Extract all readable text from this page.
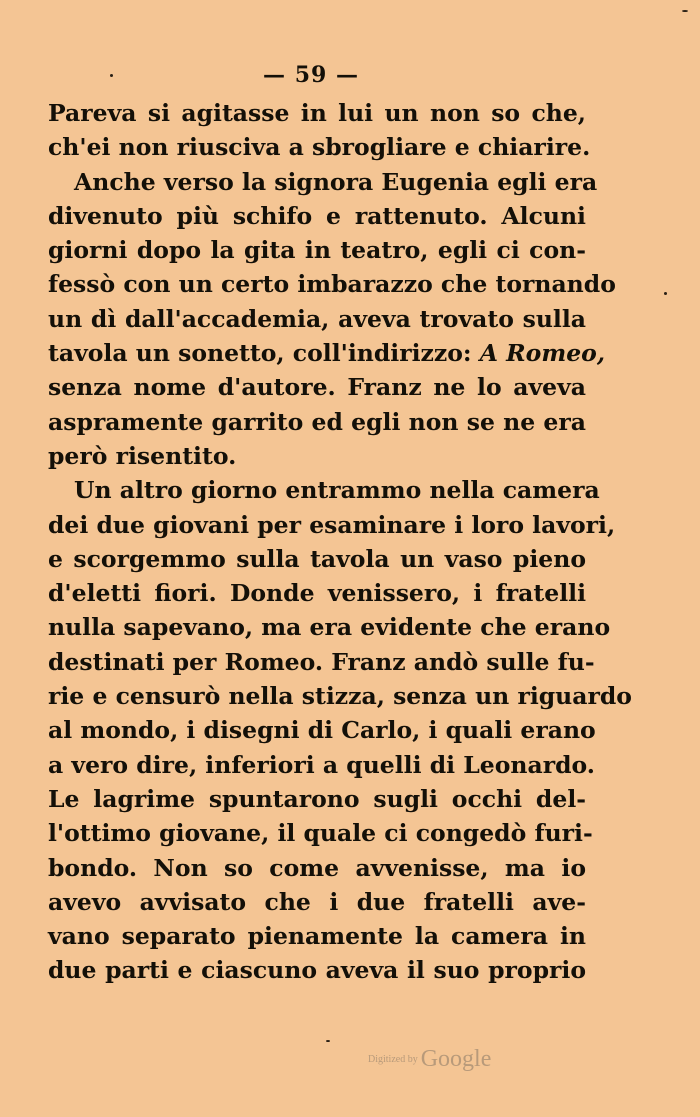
— 59 —
Pareva si agitasse in lui un non so che,
ch'ei non riusciva a sbrogliare e chiarire.
Anche verso la signora Eugenia egli era
divenuto più schifo e rattenuto. Alcuni
giorni dopo la gita in teatro, egli ci con-
fessò con un certo imbarazzo che tornando
un dì dall'accademia, aveva trovato sulla
tavola un sonetto, coll'indirizzo: A Romeo,
senza nome d'autore. Franz ne lo aveva
aspramente garrito ed egli non se ne era
però risentito.
Un altro giorno entrammo nella camera
dei due giovani per esaminare i loro lavori,
e scorgemmo sulla tavola un vaso pieno
d'eletti fiori. Donde venissero, i fratelli
nulla sapevano, ma era evidente che erano
destinati per Romeo. Franz andò sulle fu-
rie e censurò nella stizza, senza un riguardo
al mondo, i disegni di Carlo, i quali erano
a vero dire, inferiori a quelli di Leonardo.
Le lagrime spuntarono sugli occhi del-
l'ottimo giovane, il quale ci congedò furi-
bondo. Non so come avvenisse, ma io
avevo avvisato che i due fratelli ave-
vano separato pienamente la camera in
due parti e ciascuno aveva il suo proprio
Digitized by Google
